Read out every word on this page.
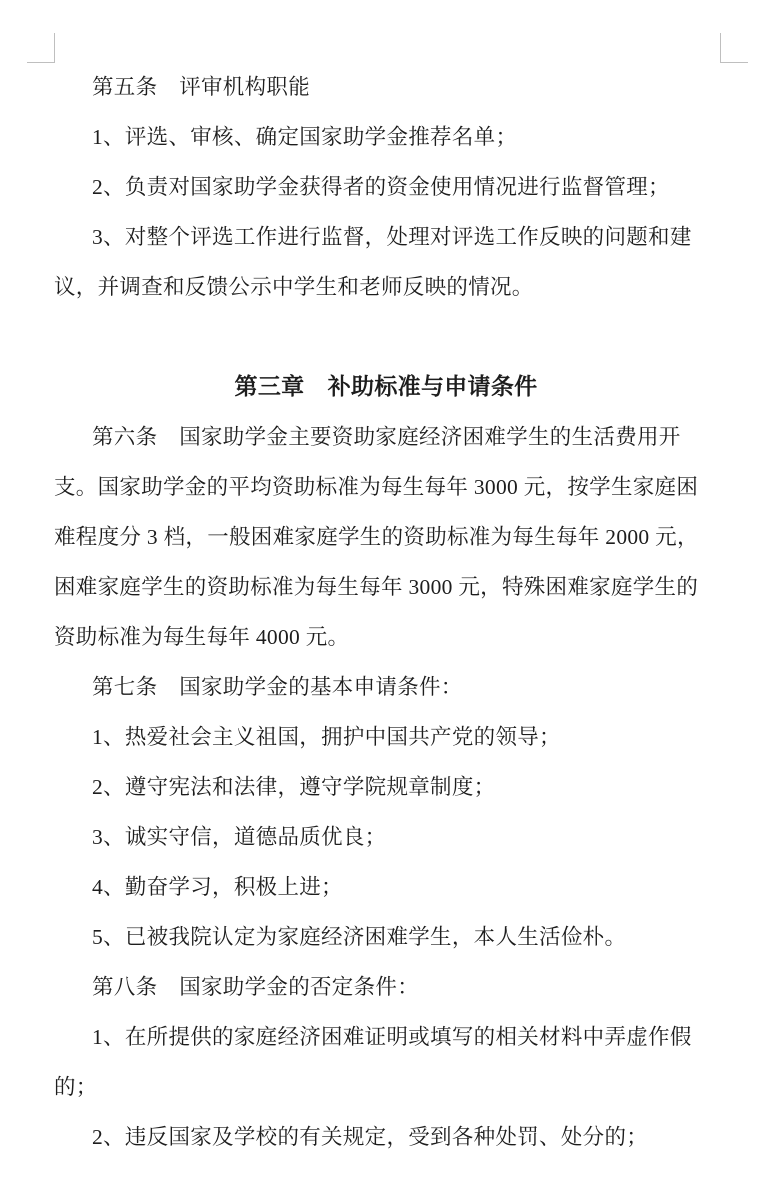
第五条　评审机构职能
1、评选、审核、确定国家助学金推荐名单；
2、负责对国家助学金获得者的资金使用情况进行监督管理；
3、对整个评选工作进行监督，处理对评选工作反映的问题和建
议，并调查和反馈公示中学生和老师反映的情况。

第三章　补助标准与申请条件
第六条　国家助学金主要资助家庭经济困难学生的生活费用开
支。国家助学金的平均资助标准为每生每年 3000 元，按学生家庭困
难程度分 3 档，一般困难家庭学生的资助标准为每生每年 2000 元，
困难家庭学生的资助标准为每生每年 3000 元，特殊困难家庭学生的
资助标准为每生每年 4000 元。
第七条　国家助学金的基本申请条件：
1、热爱社会主义祖国，拥护中国共产党的领导；
2、遵守宪法和法律，遵守学院规章制度；
3、诚实守信，道德品质优良；
4、勤奋学习，积极上进；
5、已被我院认定为家庭经济困难学生，本人生活俭朴。
第八条　国家助学金的否定条件：
1、在所提供的家庭经济困难证明或填写的相关材料中弄虚作假
的；
2、违反国家及学校的有关规定，受到各种处罚、处分的；
